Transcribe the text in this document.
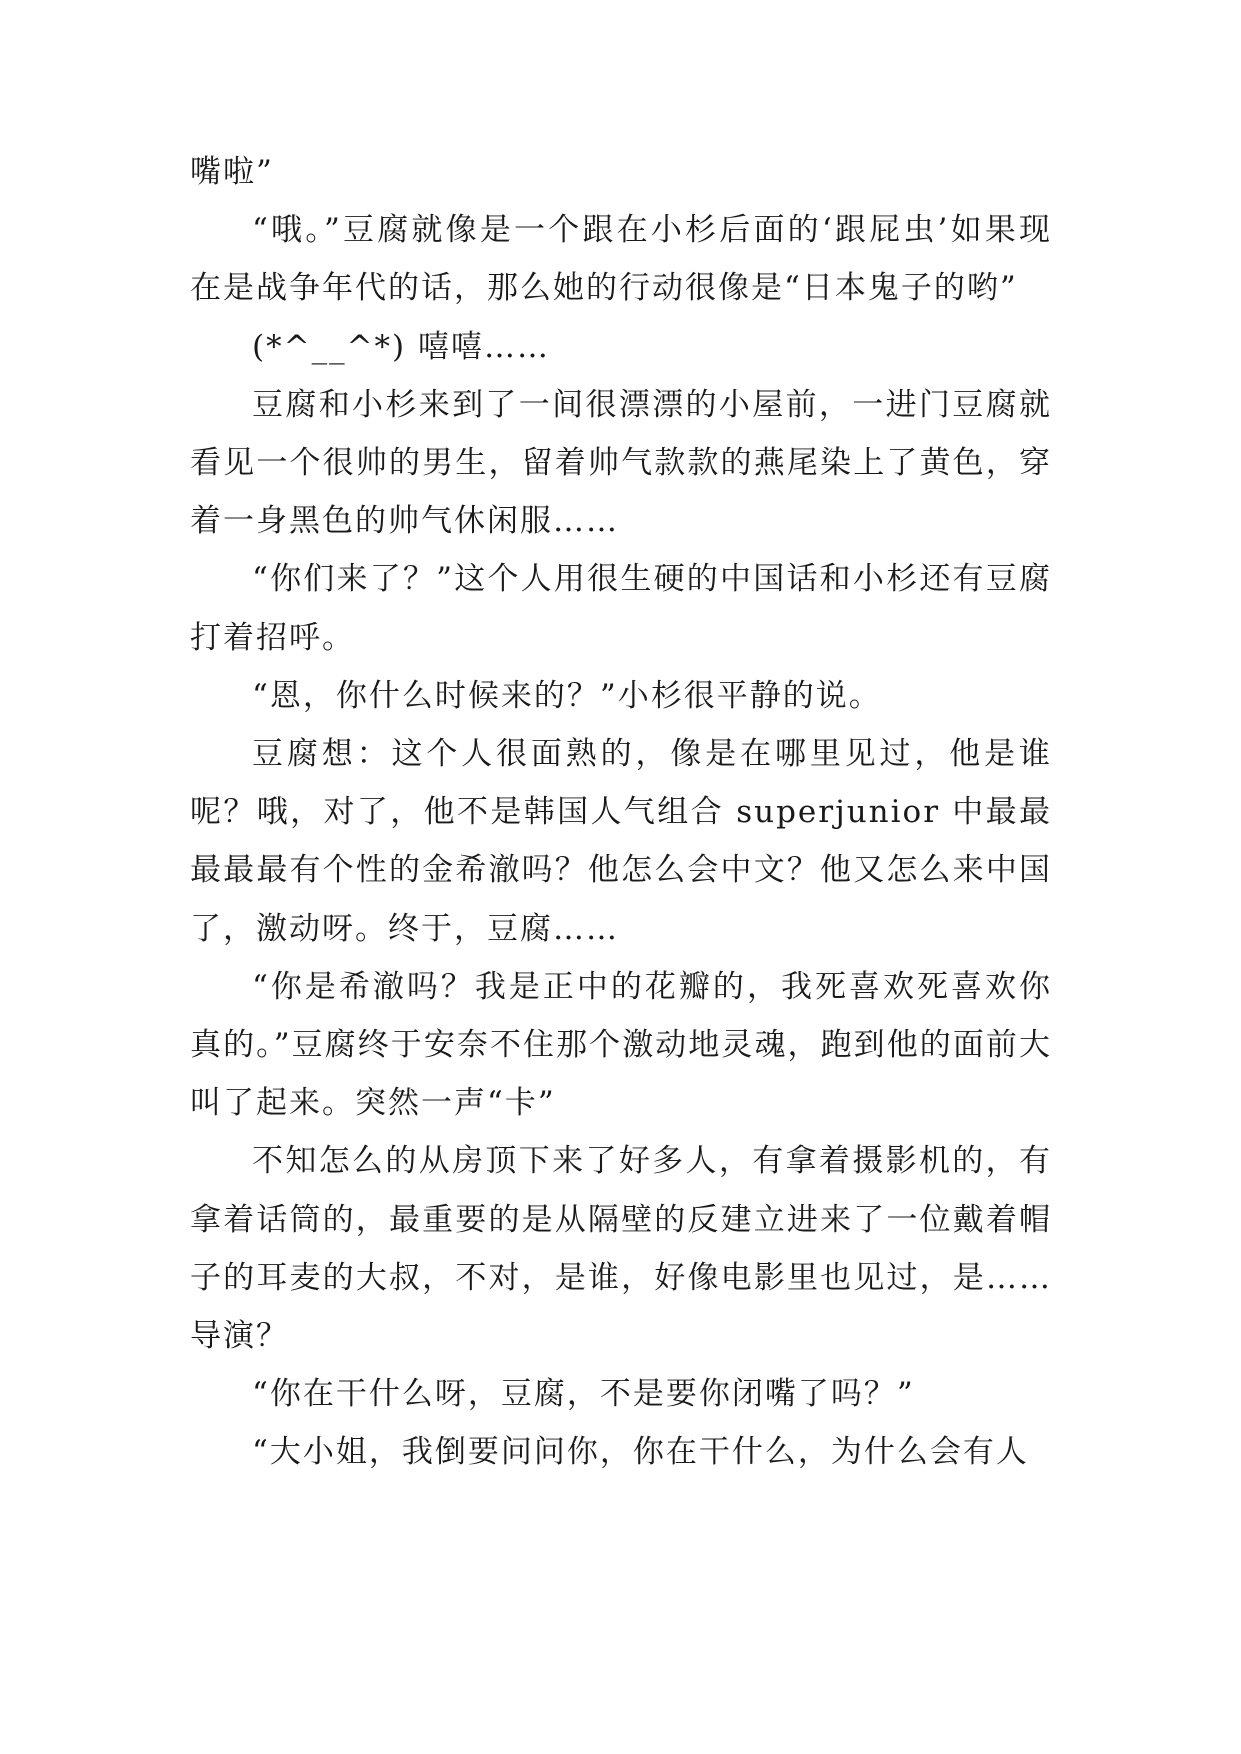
嘴啦”

“哦。”豆腐就像是一个跟在小杉后面的‘跟屁虫’如果现在是战争年代的话，那么她的行动很像是“日本鬼子的哟”

(*^__^*) 嘻嘻……

豆腐和小杉来到了一间很漂漂的小屋前，一进门豆腐就看见一个很帅的男生，留着帅气款款的燕尾染上了黄色，穿着一身黑色的帅气休闲服……

“你们来了？”这个人用很生硬的中国话和小杉还有豆腐打着招呼。

“恩，你什么时候来的？”小杉很平静的说。

豆腐想：这个人很面熟的，像是在哪里见过，他是谁呢？哦，对了，他不是韩国人气组合 superjunior 中最最最最最有个性的金希澈吗？他怎么会中文？他又怎么来中国了，激动呀。终于，豆腐……

“你是希澈吗？我是正中的花瓣的，我死喜欢死喜欢你真的。”豆腐终于安奈不住那个激动地灵魂，跑到他的面前大叫了起来。突然一声“卡”

不知怎么的从房顶下来了好多人，有拿着摄影机的，有拿着话筒的，最重要的是从隔壁的反建立进来了一位戴着帽子的耳麦的大叔，不对，是谁，好像电影里也见过，是……导演？

“你在干什么呀，豆腐，不是要你闭嘴了吗？”

“大小姐，我倒要问问你，你在干什么，为什么会有人
